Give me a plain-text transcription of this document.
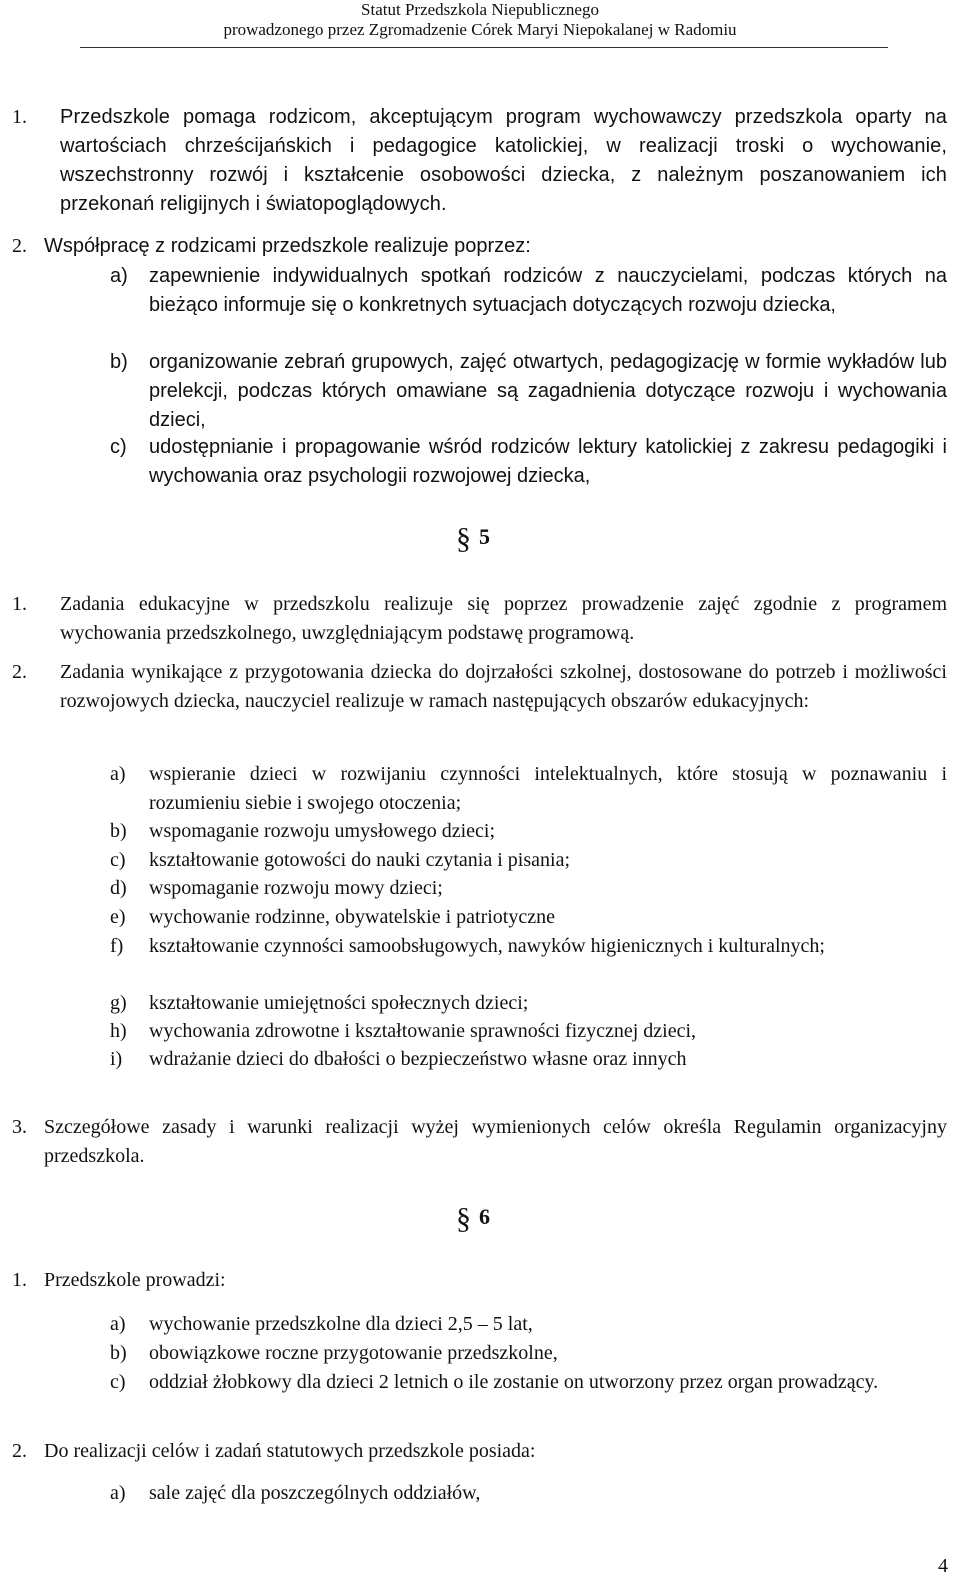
Statut Przedszkola Niepublicznego
prowadzonego przez Zgromadzenie Córek Maryi Niepokalanej w Radomiu
1. Przedszkole pomaga rodzicom, akceptującym program wychowawczy przedszkola oparty na wartościach chrześcijańskich i pedagogice katolickiej, w realizacji troski o wychowanie, wszechstronny rozwój i kształcenie osobowości dziecka, z należnym poszanowaniem ich przekonań religijnych i światopoglądowych.
2. Współpracę z rodzicami przedszkole realizuje poprzez:
a) zapewnienie indywidualnych spotkań rodziców z nauczycielami, podczas których na bieżąco informuje się o konkretnych sytuacjach dotyczących rozwoju dziecka,
b) organizowanie zebrań grupowych, zajęć otwartych, pedagogizację w formie wykładów lub prelekcji, podczas których omawiane są zagadnienia dotyczące rozwoju i wychowania dzieci,
c) udostępnianie i propagowanie wśród rodziców lektury katolickiej z zakresu pedagogiki i wychowania oraz psychologii rozwojowej dziecka,
§ 5
1. Zadania edukacyjne w przedszkolu realizuje się poprzez prowadzenie zajęć zgodnie z programem wychowania przedszkolnego, uwzględniającym podstawę programową.
2. Zadania wynikające z przygotowania dziecka do dojrzałości szkolnej, dostosowane do potrzeb i możliwości rozwojowych dziecka, nauczyciel realizuje w ramach następujących obszarów edukacyjnych:
a) wspieranie dzieci w rozwijaniu czynności intelektualnych, które stosują w poznawaniu i rozumieniu siebie i swojego otoczenia;
b) wspomaganie rozwoju umysłowego dzieci;
c) kształtowanie gotowości do nauki czytania i pisania;
d) wspomaganie rozwoju mowy dzieci;
e) wychowanie rodzinne, obywatelskie i patriotyczne
f) kształtowanie czynności samoobsługowych, nawyków higienicznych i kulturalnych;
g) kształtowanie umiejętności społecznych dzieci;
h) wychowania zdrowotne i kształtowanie sprawności fizycznej dzieci,
i) wdrażanie dzieci do dbałości o bezpieczeństwo własne oraz innych
3. Szczegółowe zasady i warunki realizacji wyżej wymienionych celów określa Regulamin organizacyjny przedszkola.
§ 6
1. Przedszkole prowadzi:
a) wychowanie przedszkolne dla dzieci 2,5 – 5 lat,
b) obowiązkowe roczne przygotowanie przedszkolne,
c) oddział żłobkowy dla dzieci 2 letnich o ile zostanie on utworzony przez organ prowadzący.
2. Do realizacji celów i zadań statutowych przedszkole posiada:
a) sale zajęć dla poszczególnych oddziałów,
4
